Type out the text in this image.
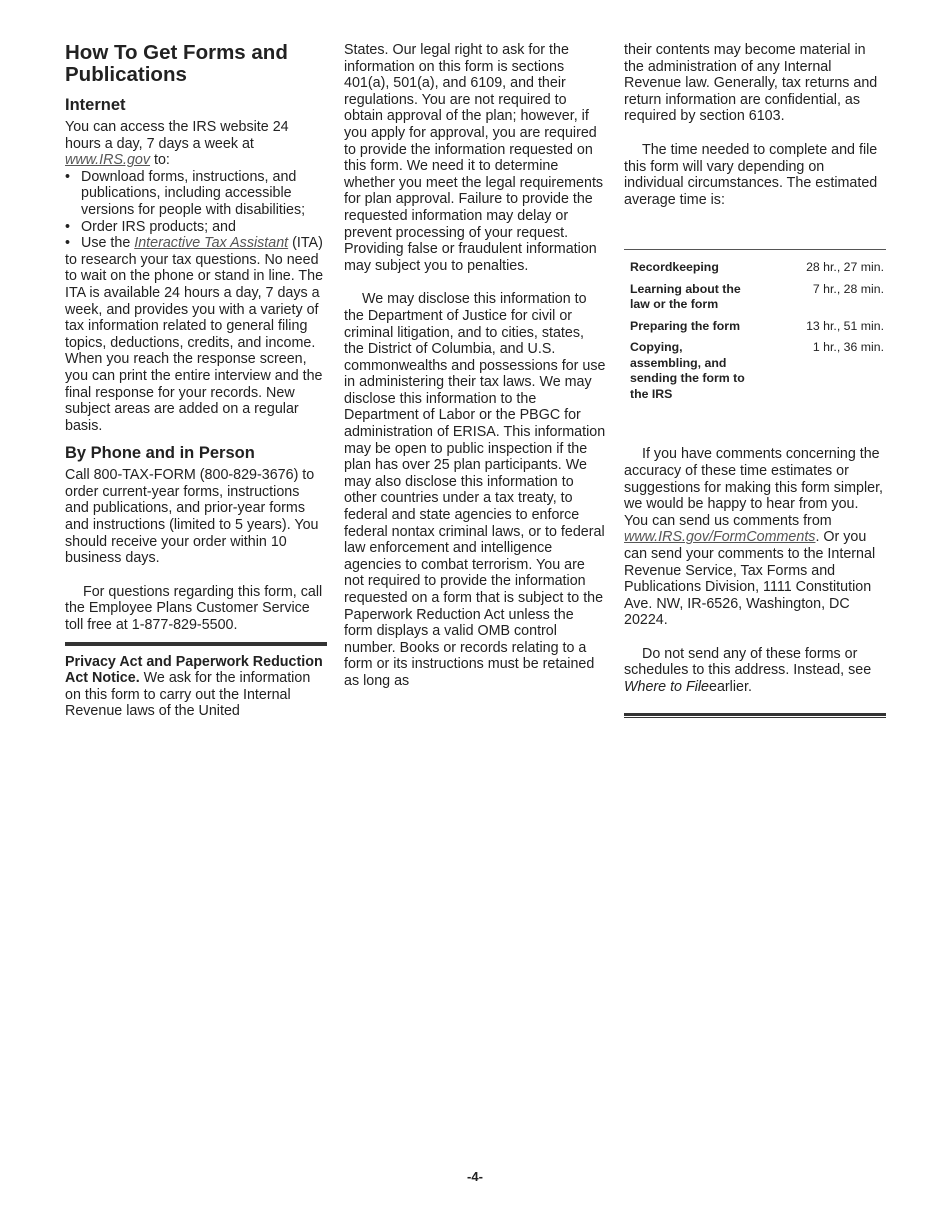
How To Get Forms and Publications
Internet

You can access the IRS website 24 hours a day, 7 days a week at www.IRS.gov to:

• Download forms, instructions, and publications, including accessible versions for people with disabilities;
• Order IRS products; and

• Use the Interactive Tax Assistant (ITA) to research your tax questions. No need to wait on the phone or stand in line. The ITA is available 24 hours a day, 7 days a week, and provides you with a variety of tax information related to general filing topics, deductions, credits, and income. When you reach the response screen, you can print the entire interview and the final response for your records. New subject areas are added on a regular basis.

By Phone and in Person

Call 800-TAX-FORM (800-829-3676) to order current-year forms, instructions and publications, and prior-year forms and instructions (limited to 5 years). You should receive your order within 10 business days.

For questions regarding this form, call the Employee Plans Customer Service toll free at 1-877-829-5500.

Privacy Act and Paperwork Reduction Act Notice. We ask for the information on this form to carry out the Internal Revenue laws of the United

States. Our legal right to ask for the information on this form is sections 401(a), 501(a), and 6109, and their regulations. You are not required to obtain approval of the plan; however, if you apply for approval, you are required to provide the information requested on this form. We need it to determine whether you meet the legal requirements for plan approval. Failure to provide the requested information may delay or prevent processing of your request. Providing false or fraudulent information may subject you to penalties.

We may disclose this information to the Department of Justice for civil or criminal litigation, and to cities, states, the District of Columbia, and U.S. commonwealths and possessions for use in administering their tax laws. We may disclose this information to the Department of Labor or the PBGC for administration of ERISA. This information may be open to public inspection if the plan has over 25 plan participants. We may also disclose this information to other countries under a tax treaty, to federal and state agencies to enforce federal nontax criminal laws, or to federal law enforcement and intelligence agencies to combat terrorism. You are not required to provide the information requested on a form that is subject to the Paperwork Reduction Act unless the form displays a valid OMB control number. Books or records relating to a form or its instructions must be retained as long as

their contents may become material in the administration of any Internal Revenue law. Generally, tax returns and return information are confidential, as required by section 6103.

The time needed to complete and file this form will vary depending on individual circumstances. The estimated average time is:

Recordkeeping	28 hr., 27 min.
Learning about the law or the form	7 hr., 28 min.
Preparing the form	13 hr., 51 min.
Copying, assembling, and sending the form to the IRS	1 hr., 36 min.

If you have comments concerning the accuracy of these time estimates or suggestions for making this form simpler, we would be happy to hear from you. You can send us comments from www.IRS.gov/FormComments. Or you can send your comments to the Internal Revenue Service, Tax Forms and Publications Division, 1111 Constitution Ave. NW, IR-6526, Washington, DC 20224.

Do not send any of these forms or schedules to this address. Instead, see Where to Fileearlier.

-4-
